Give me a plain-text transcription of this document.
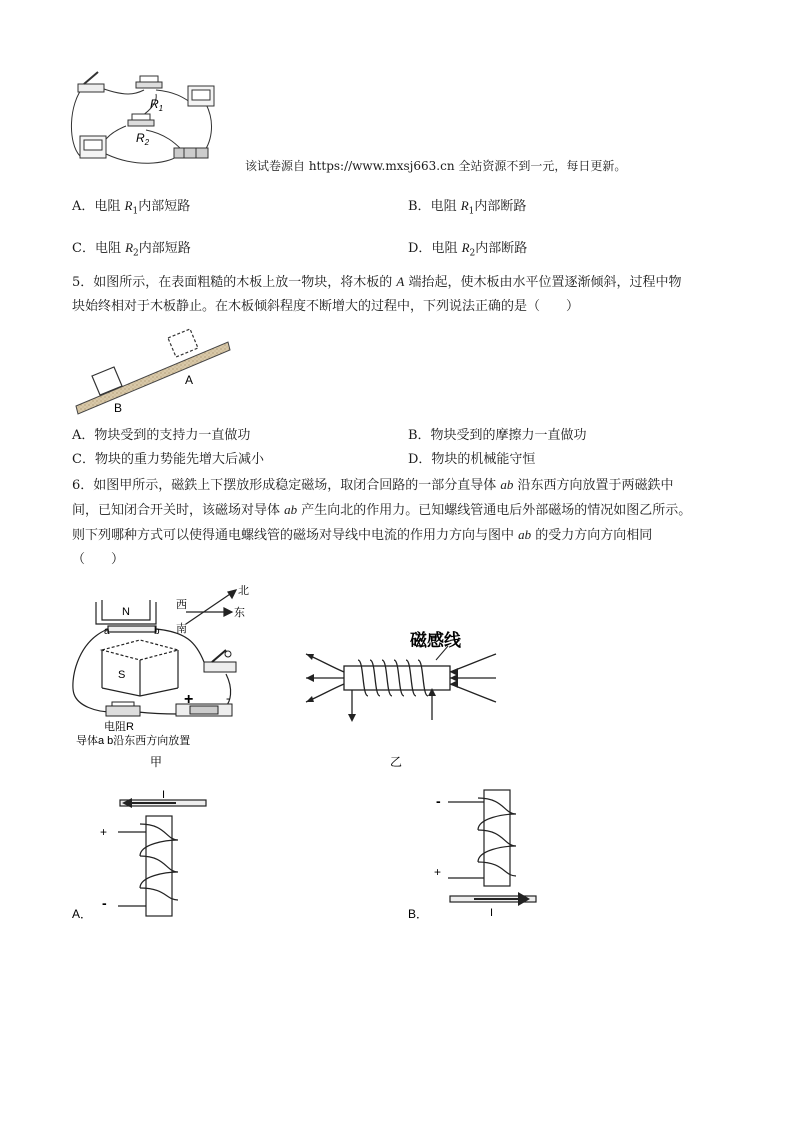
$R_1$
$R_2$
该试卷源自 https://www.mxsj663.cn 全站资源不到一元，每日更新。
A．电阻 $R_1$内部短路	B．电阻 $R_1$内部断路
C．电阻 $R_2$内部短路	D．电阻 $R_2$内部断路
5．如图所示，在表面粗糙的木板上放一物块，将木板的 A 端抬起，使木板由水平位置逐渐倾斜，过程中物
块始终相对于木板静止。在木板倾斜程度不断增大的过程中，下列说法正确的是（　　）
A
B
A．物块受到的支持力一直做功	B．物块受到的摩擦力一直做功
C．物块的重力势能先增大后减小	D．物块的机械能守恒
6．如图甲所示，磁鉄上下摆放形成稳定磁场，取闭合回路的一部分直导体 ab 沿东西方向放置于两磁鉄中
间，已知闭合开关时，该磁场对导体 ab 产生向北的作用力。已知螺线管通电后外部磁场的情况如图乙所示。
则下列哪种方式可以使得通电螺线管的磁场对导线中电流的作用力方向与图中 ab 的受力方向方向相同
（　　）
N
S
a	b
北
西
东
南
+	-
电阻R
导体a b沿东西方向放置
甲
磁感线
乙
I
+
-
A．
-
+
I
B．
